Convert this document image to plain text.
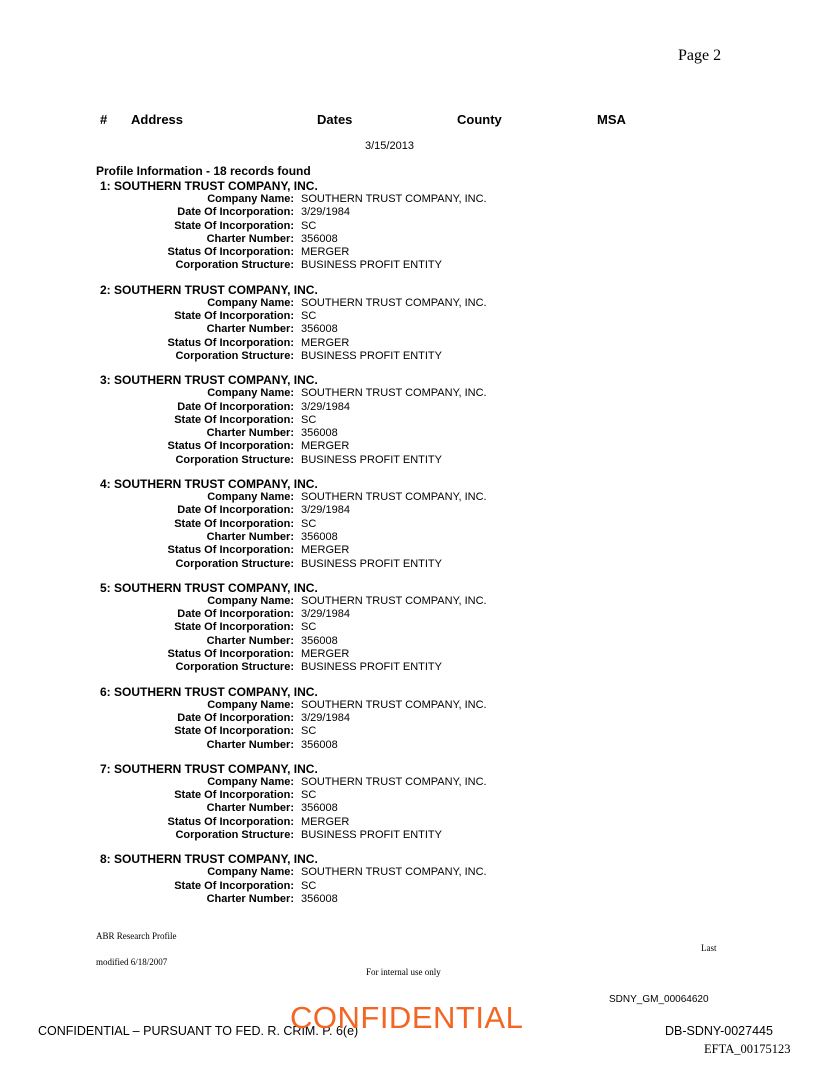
Page 2
# Address	Dates	County	MSA
3/15/2013
Profile Information - 18 records found
1: SOUTHERN TRUST COMPANY, INC.
Company Name: SOUTHERN TRUST COMPANY, INC.
Date Of Incorporation: 3/29/1984
State Of Incorporation: SC
Charter Number: 356008
Status Of Incorporation: MERGER
Corporation Structure: BUSINESS PROFIT ENTITY
2: SOUTHERN TRUST COMPANY, INC.
Company Name: SOUTHERN TRUST COMPANY, INC.
State Of Incorporation: SC
Charter Number: 356008
Status Of Incorporation: MERGER
Corporation Structure: BUSINESS PROFIT ENTITY
3: SOUTHERN TRUST COMPANY, INC.
Company Name: SOUTHERN TRUST COMPANY, INC.
Date Of Incorporation: 3/29/1984
State Of Incorporation: SC
Charter Number: 356008
Status Of Incorporation: MERGER
Corporation Structure: BUSINESS PROFIT ENTITY
4: SOUTHERN TRUST COMPANY, INC.
Company Name: SOUTHERN TRUST COMPANY, INC.
Date Of Incorporation: 3/29/1984
State Of Incorporation: SC
Charter Number: 356008
Status Of Incorporation: MERGER
Corporation Structure: BUSINESS PROFIT ENTITY
5: SOUTHERN TRUST COMPANY, INC.
Company Name: SOUTHERN TRUST COMPANY, INC.
Date Of Incorporation: 3/29/1984
State Of Incorporation: SC
Charter Number: 356008
Status Of Incorporation: MERGER
Corporation Structure: BUSINESS PROFIT ENTITY
6: SOUTHERN TRUST COMPANY, INC.
Company Name: SOUTHERN TRUST COMPANY, INC.
Date Of Incorporation: 3/29/1984
State Of Incorporation: SC
Charter Number: 356008
7: SOUTHERN TRUST COMPANY, INC.
Company Name: SOUTHERN TRUST COMPANY, INC.
State Of Incorporation: SC
Charter Number: 356008
Status Of Incorporation: MERGER
Corporation Structure: BUSINESS PROFIT ENTITY
8: SOUTHERN TRUST COMPANY, INC.
Company Name: SOUTHERN TRUST COMPANY, INC.
State Of Incorporation: SC
Charter Number: 356008
ABR Research Profile
modified 6/18/2007
Last
For internal use only
SDNY_GM_00064620
CONFIDENTIAL – PURSUANT TO FED. R. CRIM. P. 6(e)
CONFIDENTIAL	DB-SDNY-0027445
EFTA_00175123
